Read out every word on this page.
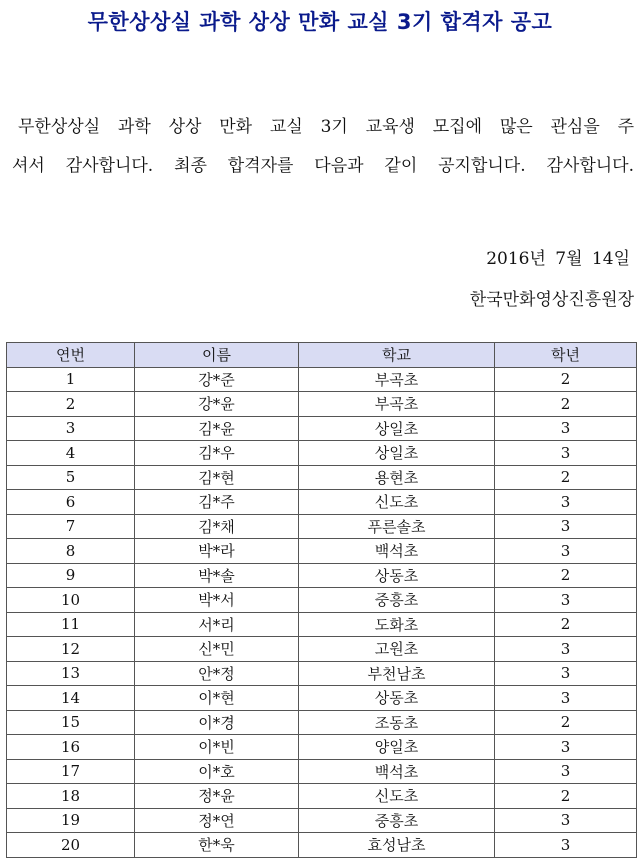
무한상상실 과학 상상 만화 교실 3기 합격자 공고
무한상상실 과학 상상 만화 교실 3기 교육생 모집에 많은 관심을 주
셔서 감사합니다. 최종 합격자를 다음과 같이 공지합니다. 감사합니다.
2016년 7월 14일
한국만화영상진흥원장
연번	이름	학교	학년
1	강*준	부곡초	2
2	강*윤	부곡초	2
3	김*윤	상일초	3
4	김*우	상일초	3
5	김*현	용현초	2
6	김*주	신도초	3
7	김*채	푸른솔초	3
8	박*라	백석초	3
9	박*솔	상동초	2
10	박*서	중흥초	3
11	서*리	도화초	2
12	신*민	고원초	3
13	안*정	부천남초	3
14	이*현	상동초	3
15	이*경	조동초	2
16	이*빈	양일초	3
17	이*호	백석초	3
18	정*윤	신도초	2
19	정*연	중흥초	3
20	한*욱	효성남초	3
